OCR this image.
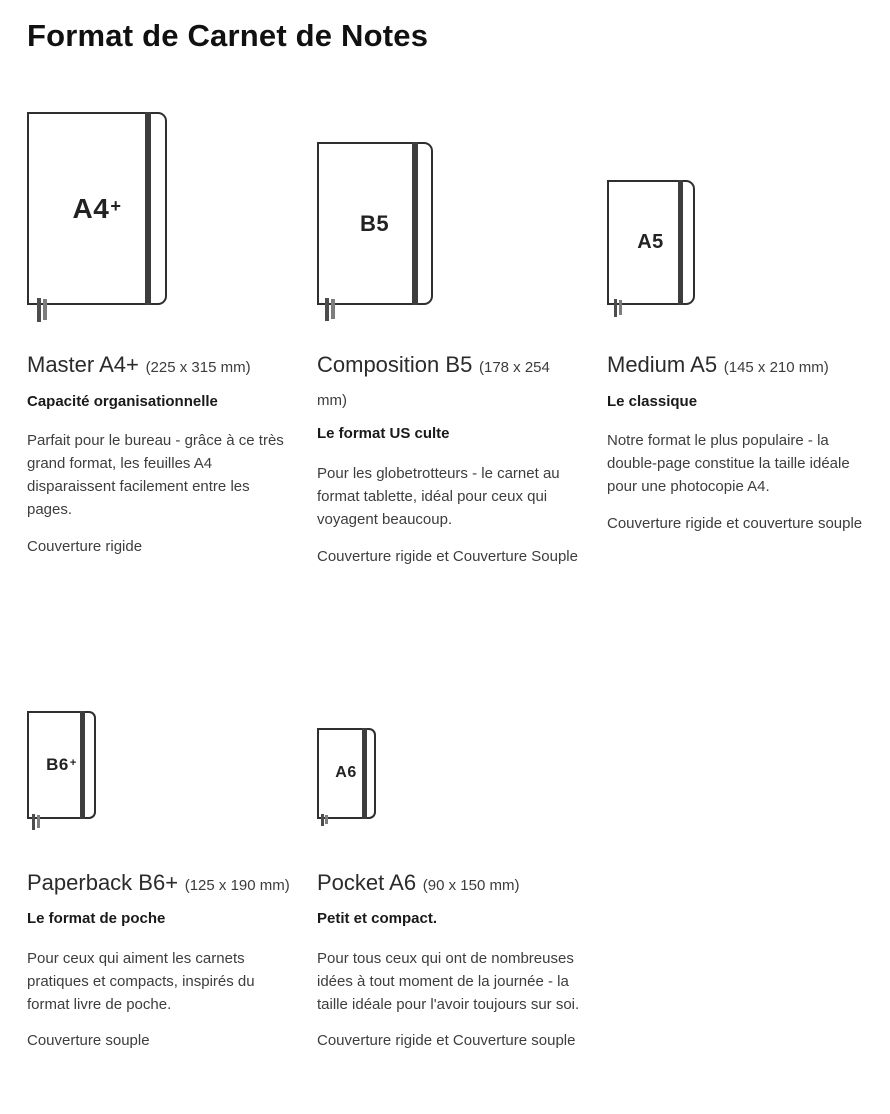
Format de Carnet de Notes
A4 +
Master A4+ (225 x 315 mm)

Capacité organisationnelle

Parfait pour le bureau - grâce à ce très grand format, les feuilles A4 disparaissent facilement entre les pages.

Couverture rigide

B5
Composition B5 (178 x 254 mm)

Le format US culte

Pour les globetrotteurs - le carnet au format tablette, idéal pour ceux qui voyagent beaucoup.

Couverture rigide et Couverture Souple

A5
Medium A5 (145 x 210 mm)

Le classique

Notre format le plus populaire - la double-page constitue la taille idéale pour une photocopie A4.

Couverture rigide et couverture souple

B6 +
Paperback B6+ (125 x 190 mm)

Le format de poche

Pour ceux qui aiment les carnets pratiques et compacts, inspirés du format livre de poche.

Couverture souple

A6
Pocket A6 (90 x 150 mm)

Petit et compact.

Pour tous ceux qui ont de nombreuses idées à tout moment de la journée - la taille idéale pour l'avoir toujours sur soi.

Couverture rigide et Couverture souple
